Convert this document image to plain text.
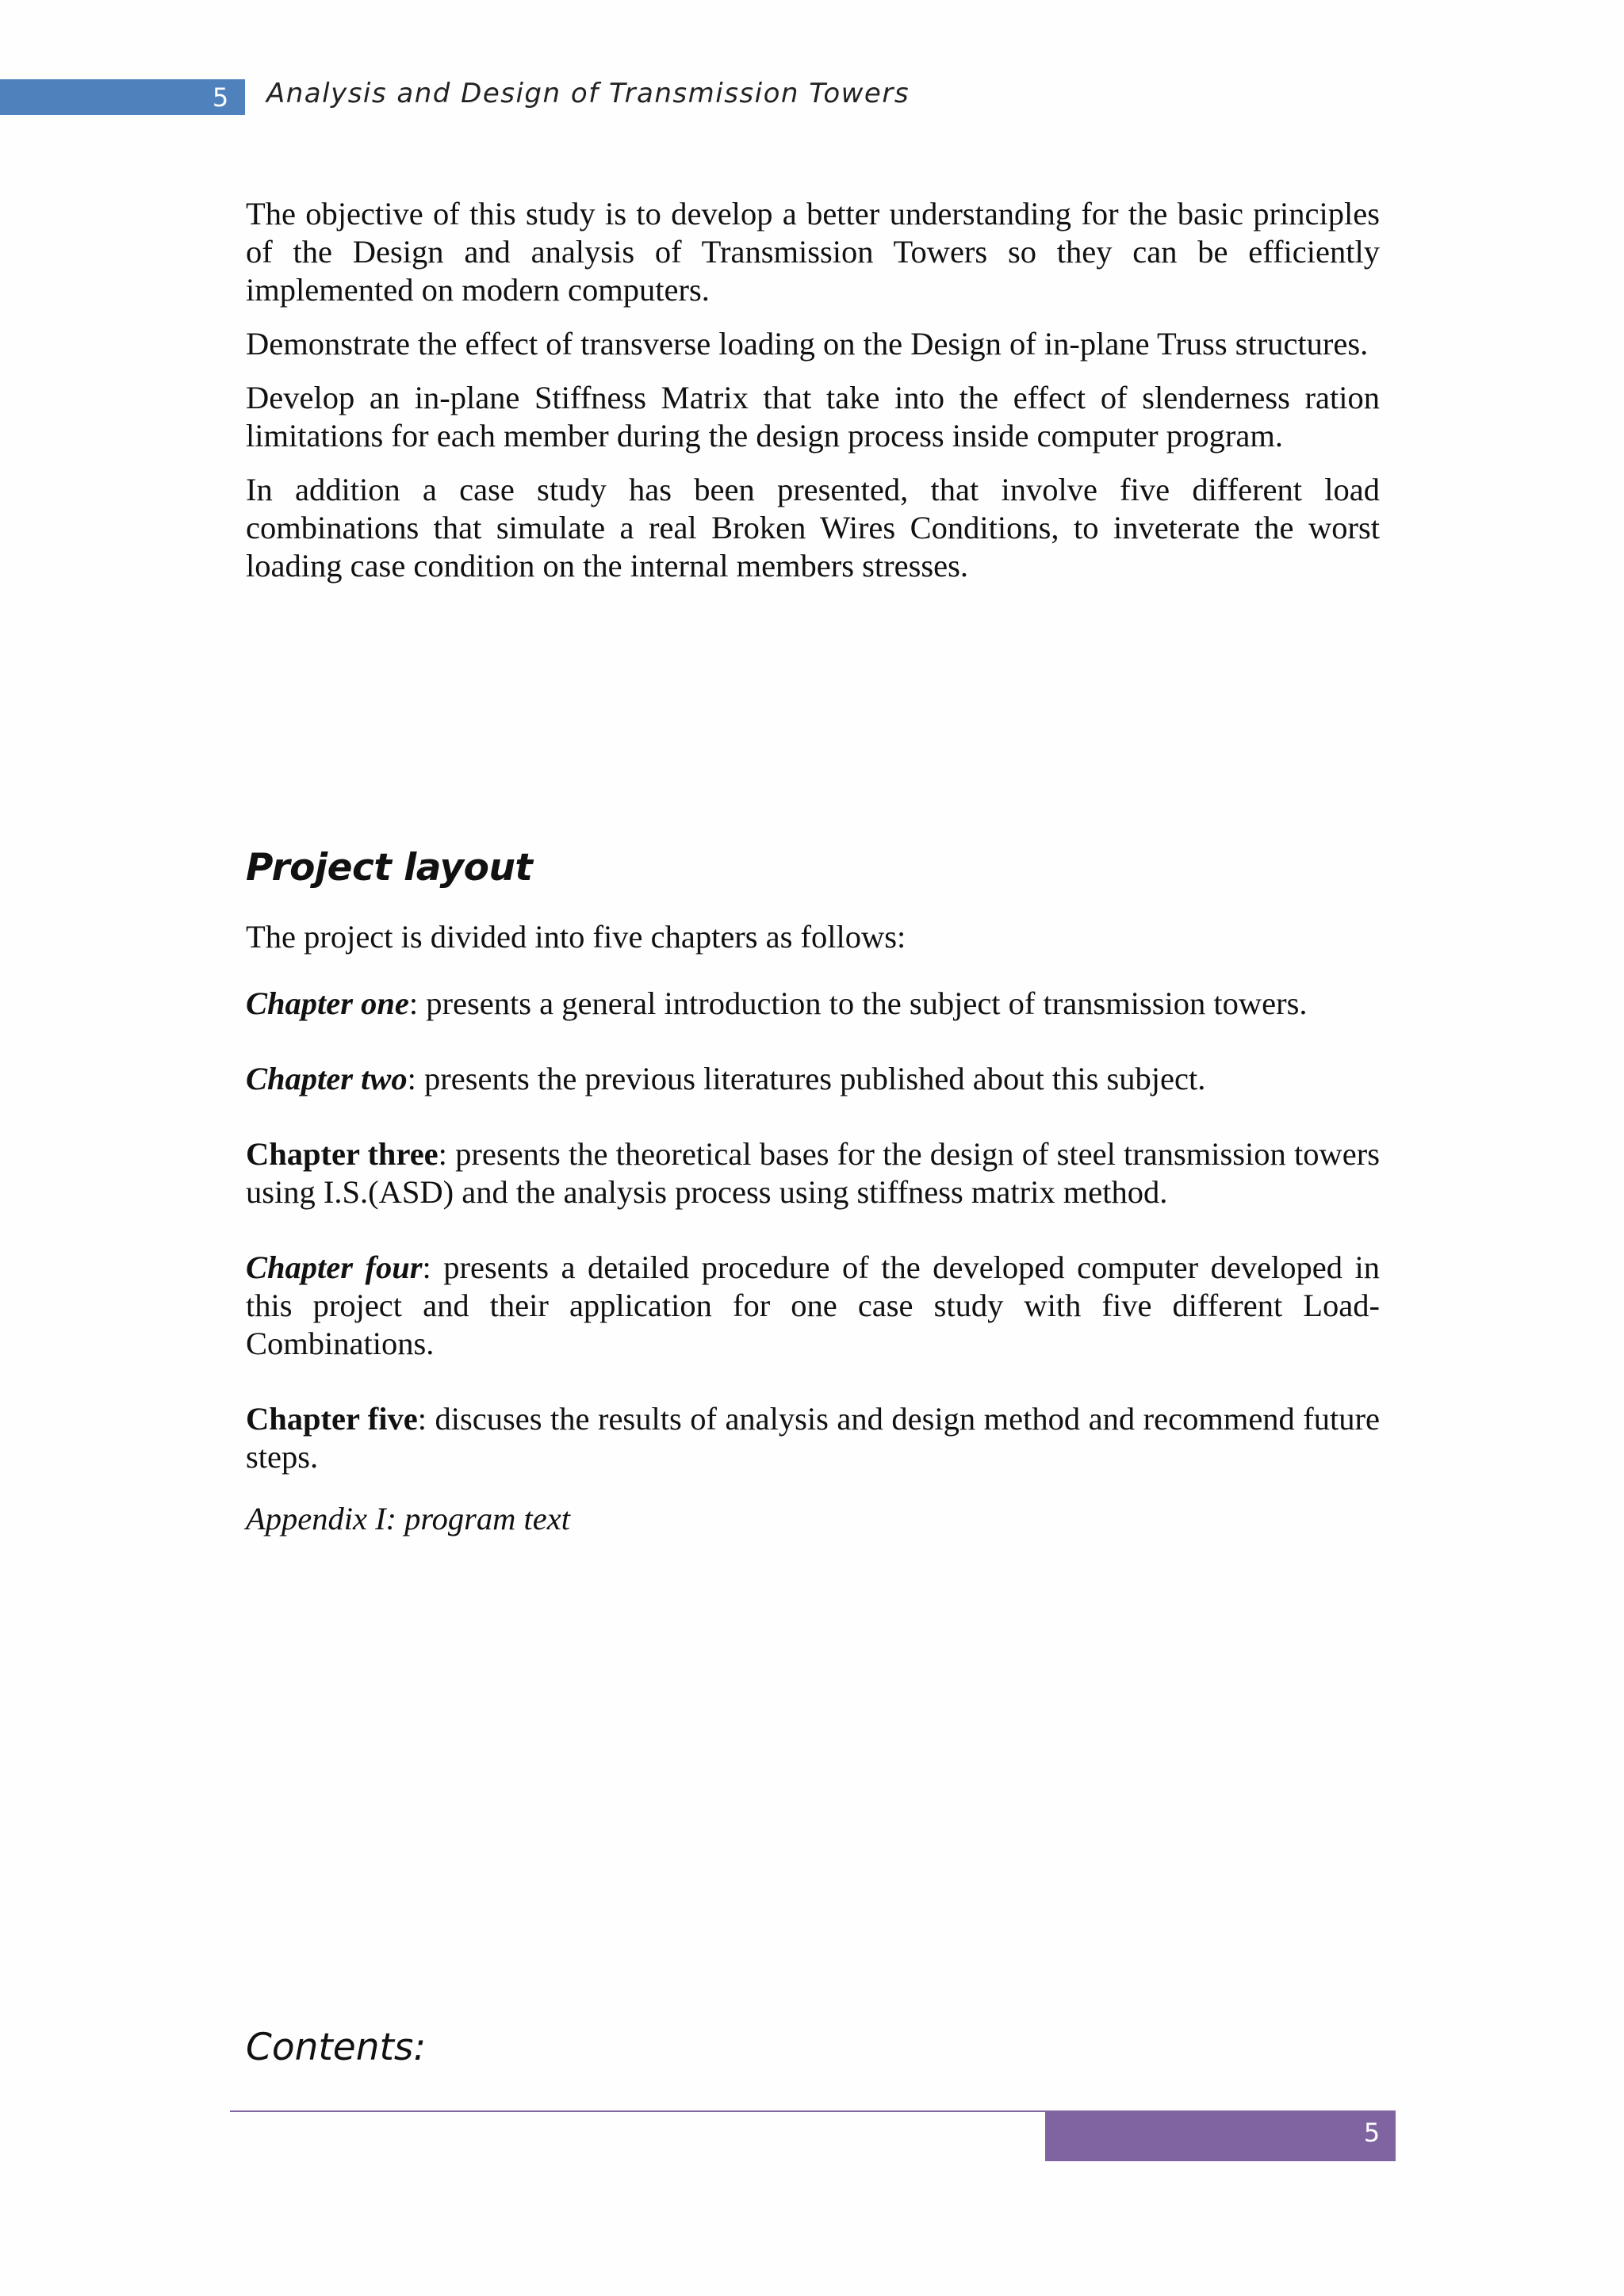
5 Analysis and Design of Transmission Towers

The objective of this study is to develop a better understanding for the basic principles of the Design and analysis of Transmission Towers so they can be efficiently implemented on modern computers.

Demonstrate the effect of transverse loading on the Design of in-plane Truss structures.

Develop an in-plane Stiffness Matrix that take into the effect of slenderness ration limitations for each member during the design process inside computer program.

In addition a case study has been presented, that involve five different load combinations that simulate a real Broken Wires Conditions, to inveterate the worst loading case condition on the internal members stresses.

Project layout

The project is divided into five chapters as follows:

Chapter one: presents a general introduction to the subject of transmission towers.

Chapter two: presents the previous literatures published about this subject.

Chapter three: presents the theoretical bases for the design of steel transmission towers using I.S.(ASD) and the analysis process using stiffness matrix method.

Chapter four: presents a detailed procedure of the developed computer developed in this project and their application for one case study with five different Load-Combinations.

Chapter five: discuses the results of analysis and design method and recommend future steps.

Appendix I: program text

Contents:
5
